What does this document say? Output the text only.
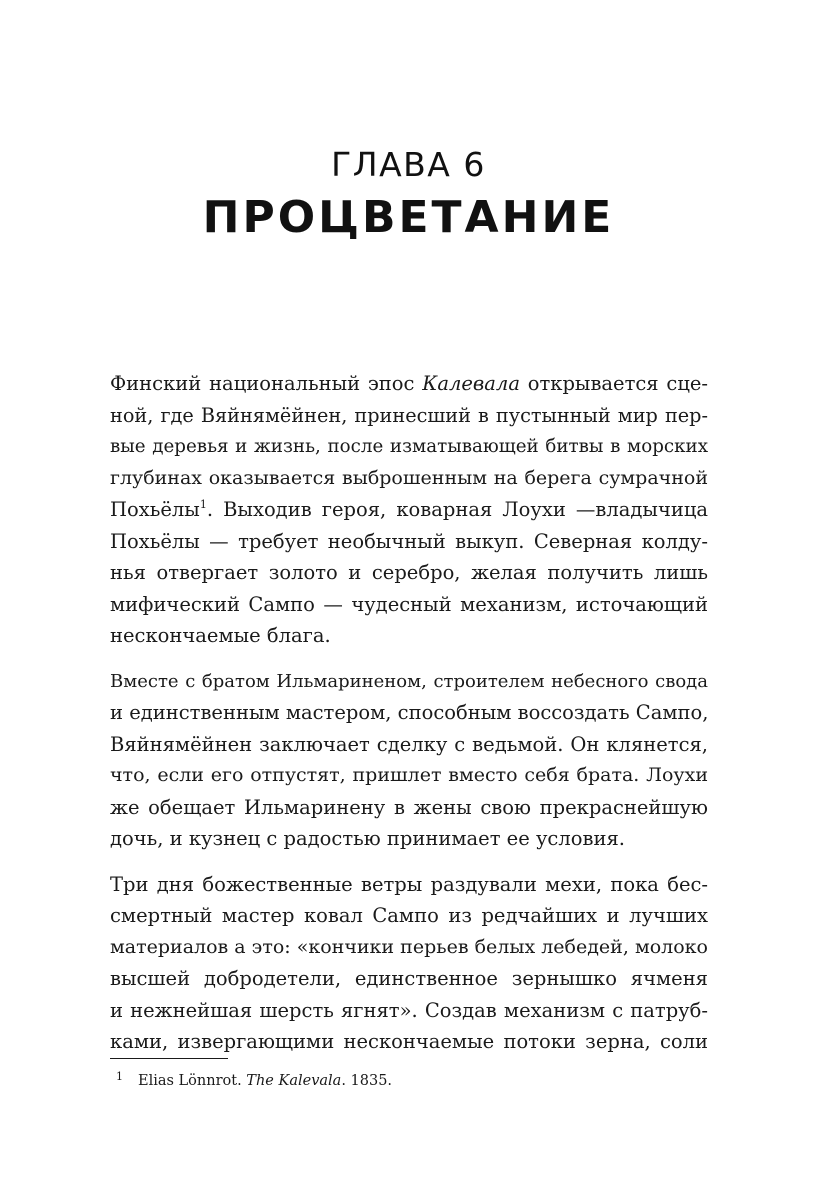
ГЛАВА 6
ПРОЦВЕТАНИЕ
Финский национальный эпос Калевала открывается сце-
ной, где Вяйнямёйнен, принесший в пустынный мир пер-
вые деревья и жизнь, после изматывающей битвы в морских
глубинах оказывается выброшенным на берега сумрачной
Похьёлы$^1$. Выходив героя, коварная Лоухи —владычица
Похьёлы — требует необычный выкуп. Северная колду-
нья отвергает золото и серебро, желая получить лишь
мифический Сампо — чудесный механизм, источающий
нескончаемые блага.
Вместе с братом Ильмариненом, строителем небесного свода
и единственным мастером, способным воссоздать Сампо,
Вяйнямёйнен заключает сделку с ведьмой. Он клянется,
что, если его отпустят, пришлет вместо себя брата. Лоухи
же обещает Ильмаринену в жены свою прекраснейшую
дочь, и кузнец с радостью принимает ее условия.
Три дня божественные ветры раздували мехи, пока бес-
смертный мастер ковал Сампо из редчайших и лучших
материалов а это: «кончики перьев белых лебедей, молоко
высшей добродетели, единственное зернышко ячменя
и нежнейшая шерсть ягнят». Создав механизм с патруб-
ками, извергающими нескончаемые потоки зерна, соли
1 Elias Lönnrot. The Kalevala. 1835.
